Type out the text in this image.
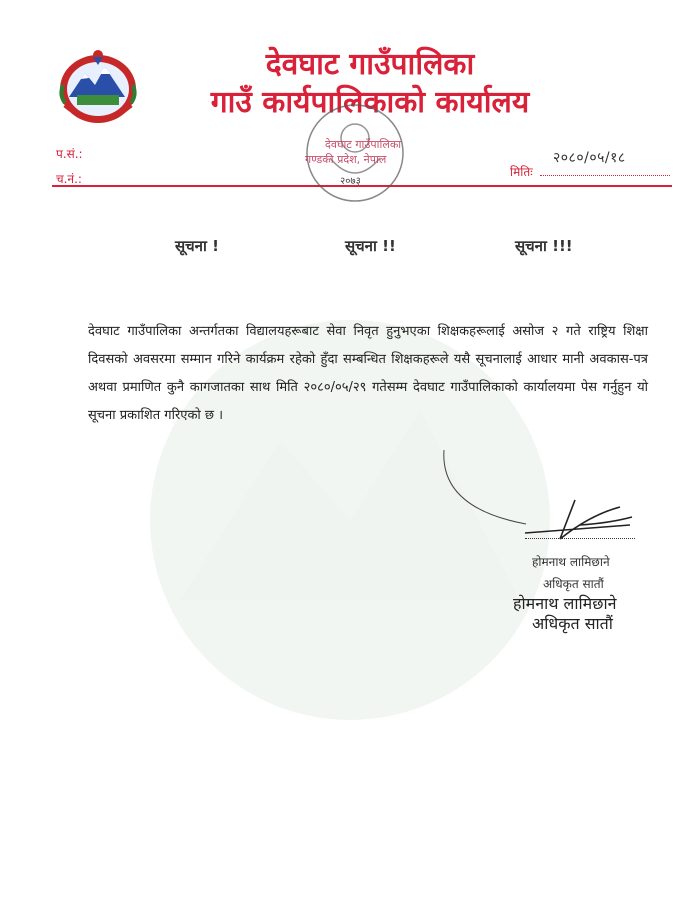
देवघाट गाउँपालिका
गाउँ कार्यपालिकाको कार्यालय
प.सं.:
च.नं.:	मितिः
२०८०/०५/१८
२०७३
देवघाट गाउँपालिका
गण्डकी प्रदेश, नेपाल
सूचना !	सूचना !!	सूचना !!!
देवघाट गाउँपालिका अन्तर्गतका विद्यालयहरूबाट सेवा निवृत हुनुभएका शिक्षकहरूलाई असोज २ गते राष्ट्रिय शिक्षा दिवसको अवसरमा सम्मान गरिने कार्यक्रम रहेको हुँदा सम्बन्धित शिक्षकहरूले यसै सूचनालाई आधार मानी अवकास-पत्र अथवा प्रमाणित कुनै कागजातका साथ मिति २०८०/०५/२९ गतेसम्म देवघाट गाउँपालिकाको कार्यालयमा पेस गर्नुहुन यो सूचना प्रकाशित गरिएको छ ।
होमनाथ लामिछाने
अधिकृत सातौं
होमनाथ लामिछाने
अधिकृत सातौं
